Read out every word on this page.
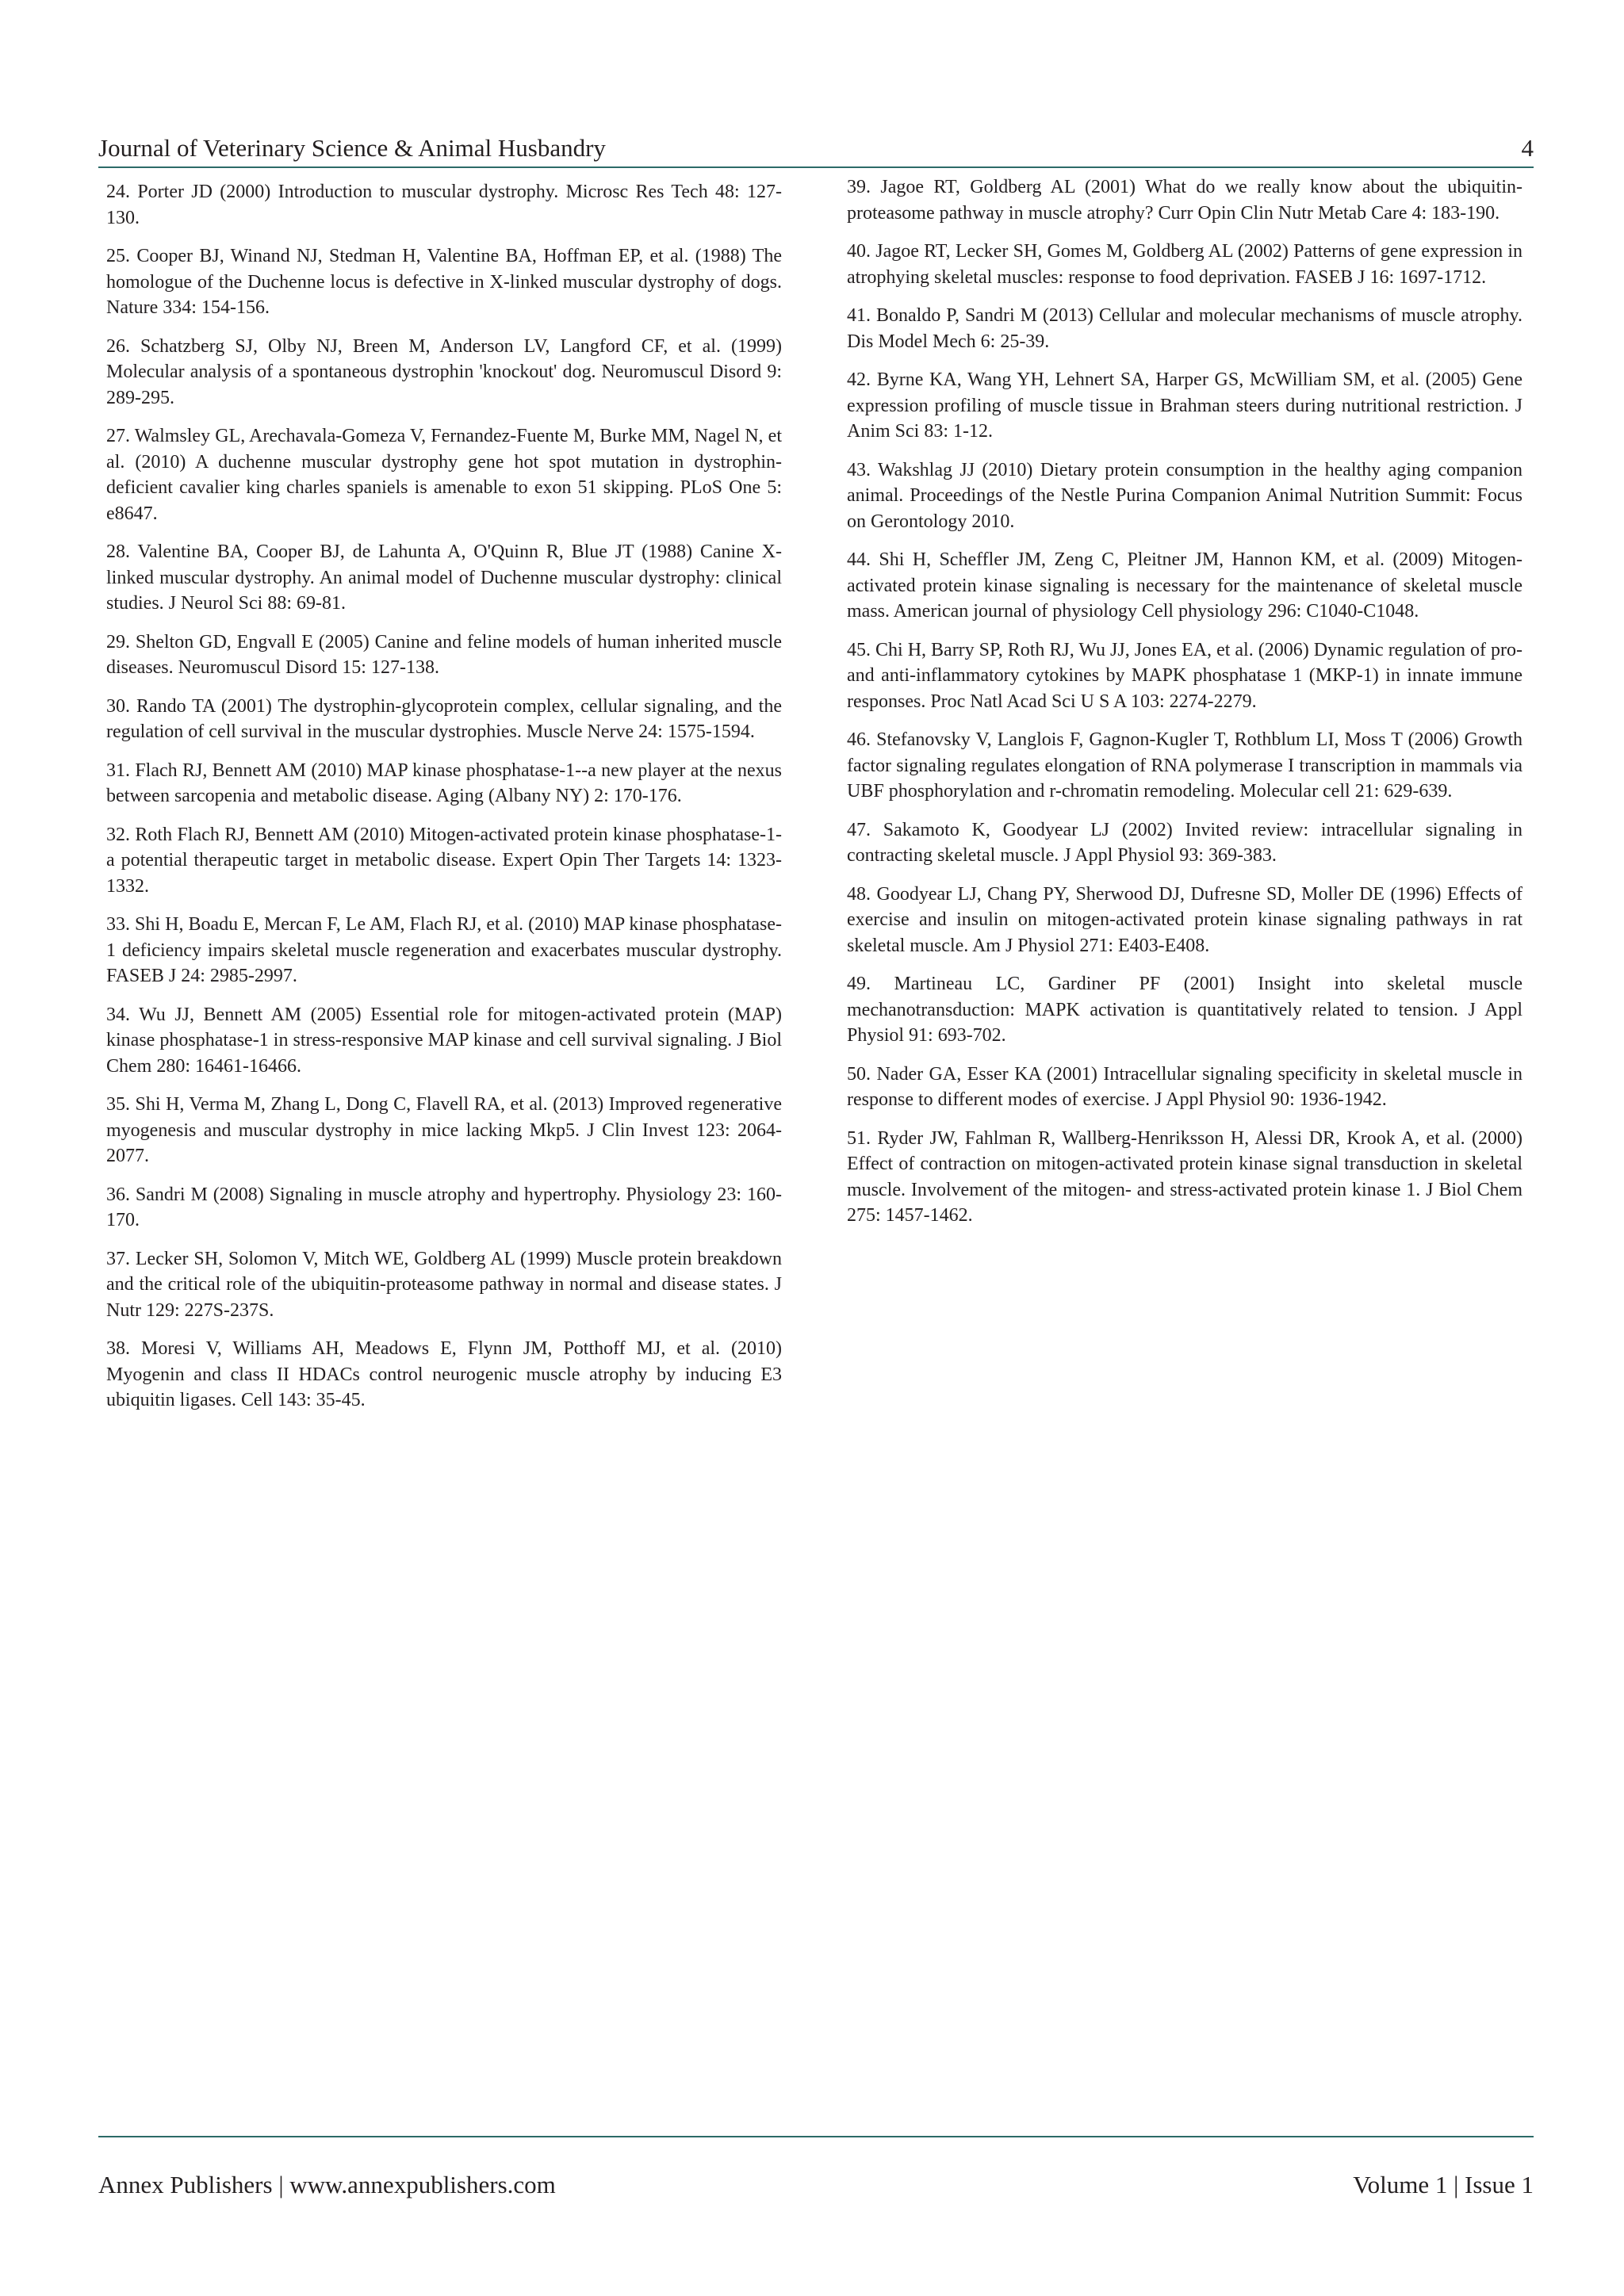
Journal of Veterinary Science & Animal Husbandry	4

24. Porter JD (2000) Introduction to muscular dystrophy. Microsc Res Tech 48: 127-130.

25. Cooper BJ, Winand NJ, Stedman H, Valentine BA, Hoffman EP, et al. (1988) The homologue of the Duchenne locus is defective in X-linked muscular dystrophy of dogs. Nature 334: 154-156.

26. Schatzberg SJ, Olby NJ, Breen M, Anderson LV, Langford CF, et al. (1999) Molecular analysis of a spontaneous dystrophin 'knockout' dog. Neuromuscul Disord 9: 289-295.

27. Walmsley GL, Arechavala-Gomeza V, Fernandez-Fuente M, Burke MM, Nagel N, et al. (2010) A duchenne muscular dystrophy gene hot spot mutation in dystrophin-deficient cavalier king charles spaniels is amenable to exon 51 skipping. PLoS One 5: e8647.

28. Valentine BA, Cooper BJ, de Lahunta A, O'Quinn R, Blue JT (1988) Canine X-linked muscular dystrophy. An animal model of Duchenne muscular dystrophy: clinical studies. J Neurol Sci 88: 69-81.

29. Shelton GD, Engvall E (2005) Canine and feline models of human inherited muscle diseases. Neuromuscul Disord 15: 127-138.

30. Rando TA (2001) The dystrophin-glycoprotein complex, cellular signaling, and the regulation of cell survival in the muscular dystrophies. Muscle Nerve 24: 1575-1594.

31. Flach RJ, Bennett AM (2010) MAP kinase phosphatase-1--a new player at the nexus between sarcopenia and metabolic disease. Aging (Albany NY) 2: 170-176.

32. Roth Flach RJ, Bennett AM (2010) Mitogen-activated protein kinase phosphatase-1- a potential therapeutic target in metabolic disease. Expert Opin Ther Targets 14: 1323-1332.

33. Shi H, Boadu E, Mercan F, Le AM, Flach RJ, et al. (2010) MAP kinase phosphatase-1 deficiency impairs skeletal muscle regeneration and exacerbates muscular dystrophy. FASEB J 24: 2985-2997.

34. Wu JJ, Bennett AM (2005) Essential role for mitogen-activated protein (MAP) kinase phosphatase-1 in stress-responsive MAP kinase and cell survival signaling. J Biol Chem 280: 16461-16466.

35. Shi H, Verma M, Zhang L, Dong C, Flavell RA, et al. (2013) Improved regenerative myogenesis and muscular dystrophy in mice lacking Mkp5. J Clin Invest 123: 2064-2077.

36. Sandri M (2008) Signaling in muscle atrophy and hypertrophy. Physiology 23: 160-170.

37. Lecker SH, Solomon V, Mitch WE, Goldberg AL (1999) Muscle protein breakdown and the critical role of the ubiquitin-proteasome pathway in normal and disease states. J Nutr 129: 227S-237S.

38. Moresi V, Williams AH, Meadows E, Flynn JM, Potthoff MJ, et al. (2010) Myogenin and class II HDACs control neurogenic muscle atrophy by inducing E3 ubiquitin ligases. Cell 143: 35-45.

39. Jagoe RT, Goldberg AL (2001) What do we really know about the ubiquitin-proteasome pathway in muscle atrophy? Curr Opin Clin Nutr Metab Care 4: 183-190.

40. Jagoe RT, Lecker SH, Gomes M, Goldberg AL (2002) Patterns of gene expression in atrophying skeletal muscles: response to food deprivation. FASEB J 16: 1697-1712.

41. Bonaldo P, Sandri M (2013) Cellular and molecular mechanisms of muscle atrophy. Dis Model Mech 6: 25-39.

42. Byrne KA, Wang YH, Lehnert SA, Harper GS, McWilliam SM, et al. (2005) Gene expression profiling of muscle tissue in Brahman steers during nutritional restriction. J Anim Sci 83: 1-12.

43. Wakshlag JJ (2010) Dietary protein consumption in the healthy aging companion animal. Proceedings of the Nestle Purina Companion Animal Nutrition Summit: Focus on Gerontology 2010.

44. Shi H, Scheffler JM, Zeng C, Pleitner JM, Hannon KM, et al. (2009) Mitogen-activated protein kinase signaling is necessary for the maintenance of skeletal muscle mass. American journal of physiology Cell physiology 296: C1040-C1048.

45. Chi H, Barry SP, Roth RJ, Wu JJ, Jones EA, et al. (2006) Dynamic regulation of pro- and anti-inflammatory cytokines by MAPK phosphatase 1 (MKP-1) in innate immune responses. Proc Natl Acad Sci U S A 103: 2274-2279.

46. Stefanovsky V, Langlois F, Gagnon-Kugler T, Rothblum LI, Moss T (2006) Growth factor signaling regulates elongation of RNA polymerase I transcription in mammals via UBF phosphorylation and r-chromatin remodeling. Molecular cell 21: 629-639.

47. Sakamoto K, Goodyear LJ (2002) Invited review: intracellular signaling in contracting skeletal muscle. J Appl Physiol 93: 369-383.

48. Goodyear LJ, Chang PY, Sherwood DJ, Dufresne SD, Moller DE (1996) Effects of exercise and insulin on mitogen-activated protein kinase signaling pathways in rat skeletal muscle. Am J Physiol 271: E403-E408.

49. Martineau LC, Gardiner PF (2001) Insight into skeletal muscle mechanotransduction: MAPK activation is quantitatively related to tension. J Appl Physiol 91: 693-702.

50. Nader GA, Esser KA (2001) Intracellular signaling specificity in skeletal muscle in response to different modes of exercise. J Appl Physiol 90: 1936-1942.

51. Ryder JW, Fahlman R, Wallberg-Henriksson H, Alessi DR, Krook A, et al. (2000) Effect of contraction on mitogen-activated protein kinase signal transduction in skeletal muscle. Involvement of the mitogen- and stress-activated protein kinase 1. J Biol Chem 275: 1457-1462.

Annex Publishers | www.annexpublishers.com	Volume 1 | Issue 1
